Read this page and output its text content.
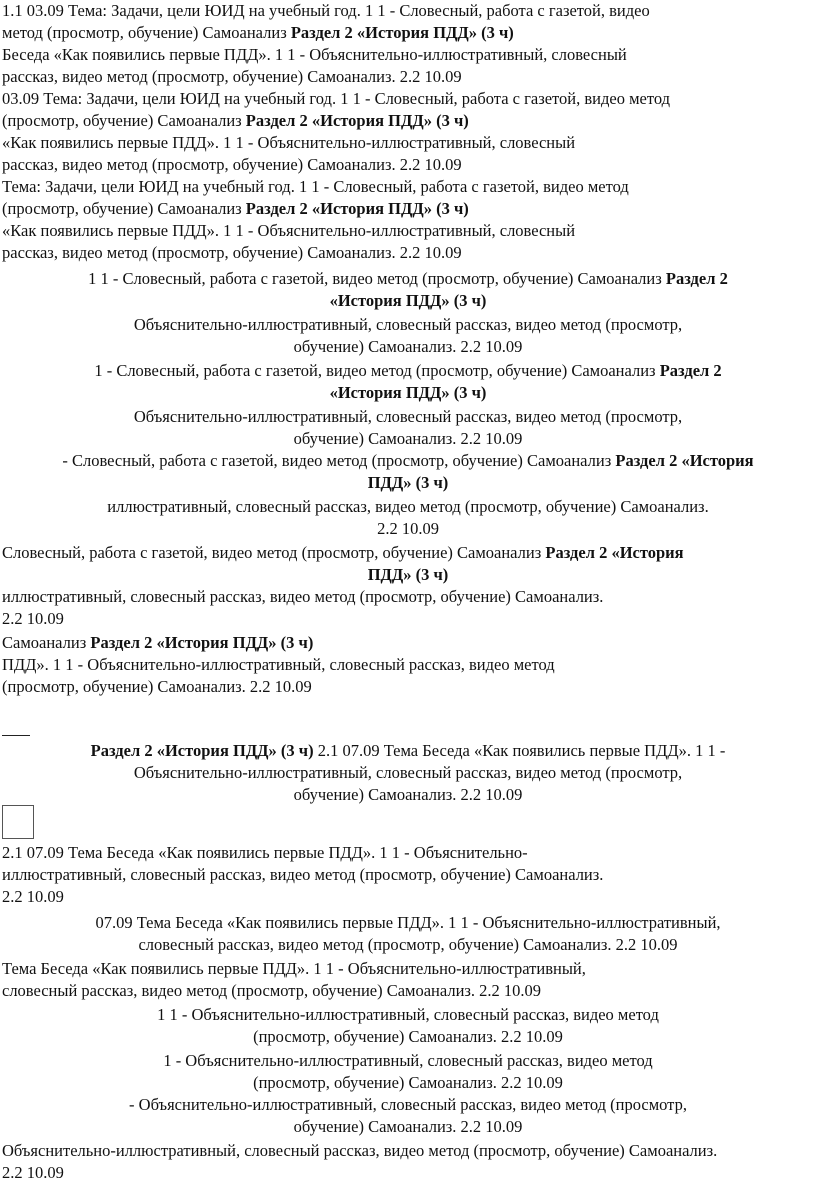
1.1 03.09 Тема: Задачи, цели ЮИД на учебный год. 1 1 - Словесный, работа с газетой, видео
метод (просмотр, обучение) Самоанализ Раздел 2 «История ПДД» (3 ч)
Беседа «Как появились первые ПДД». 1 1 - Объяснительно-иллюстративный, словесный
рассказ, видео метод (просмотр, обучение) Самоанализ. 2.2 10.09
03.09 Тема: Задачи, цели ЮИД на учебный год. 1 1 - Словесный, работа с газетой, видео метод
(просмотр, обучение) Самоанализ Раздел 2 «История ПДД» (3 ч)
«Как появились первые ПДД». 1 1 - Объяснительно-иллюстративный, словесный
рассказ, видео метод (просмотр, обучение) Самоанализ. 2.2 10.09
Тема: Задачи, цели ЮИД на учебный год. 1 1 - Словесный, работа с газетой, видео метод
(просмотр, обучение) Самоанализ Раздел 2 «История ПДД» (3 ч)
«Как появились первые ПДД». 1 1 - Объяснительно-иллюстративный, словесный
рассказ, видео метод (просмотр, обучение) Самоанализ. 2.2 10.09
1 1 - Словесный, работа с газетой, видео метод (просмотр, обучение) Самоанализ Раздел 2
«История ПДД» (3 ч)
Объяснительно-иллюстративный, словесный рассказ, видео метод (просмотр,
обучение) Самоанализ. 2.2 10.09
1 - Словесный, работа с газетой, видео метод (просмотр, обучение) Самоанализ Раздел 2
«История ПДД» (3 ч)
Объяснительно-иллюстративный, словесный рассказ, видео метод (просмотр,
обучение) Самоанализ. 2.2 10.09
- Словесный, работа с газетой, видео метод (просмотр, обучение) Самоанализ Раздел 2 «История
ПДД» (3 ч)
иллюстративный, словесный рассказ, видео метод (просмотр, обучение) Самоанализ.
2.2 10.09
Словесный, работа с газетой, видео метод (просмотр, обучение) Самоанализ Раздел 2 «История
ПДД» (3 ч)
иллюстративный, словесный рассказ, видео метод (просмотр, обучение) Самоанализ.
2.2 10.09
Самоанализ Раздел 2 «История ПДД» (3 ч)
ПДД». 1 1 - Объяснительно-иллюстративный, словесный рассказ, видео метод
(просмотр, обучение) Самоанализ. 2.2 10.09
Раздел 2 «История ПДД» (3 ч) 2.1 07.09 Тема Беседа «Как появились первые ПДД». 1 1 -
Объяснительно-иллюстративный, словесный рассказ, видео метод (просмотр,
обучение) Самоанализ. 2.2 10.09
2.1 07.09 Тема Беседа «Как появились первые ПДД». 1 1 - Объяснительно-
иллюстративный, словесный рассказ, видео метод (просмотр, обучение) Самоанализ.
2.2 10.09
07.09 Тема Беседа «Как появились первые ПДД». 1 1 - Объяснительно-иллюстративный,
словесный рассказ, видео метод (просмотр, обучение) Самоанализ. 2.2 10.09
Тема Беседа «Как появились первые ПДД». 1 1 - Объяснительно-иллюстративный,
словесный рассказ, видео метод (просмотр, обучение) Самоанализ. 2.2 10.09
1 1 - Объяснительно-иллюстративный, словесный рассказ, видео метод
(просмотр, обучение) Самоанализ. 2.2 10.09
1 - Объяснительно-иллюстративный, словесный рассказ, видео метод
(просмотр, обучение) Самоанализ. 2.2 10.09
- Объяснительно-иллюстративный, словесный рассказ, видео метод (просмотр,
обучение) Самоанализ. 2.2 10.09
Объяснительно-иллюстративный, словесный рассказ, видео метод (просмотр, обучение) Самоанализ.
2.2 10.09
